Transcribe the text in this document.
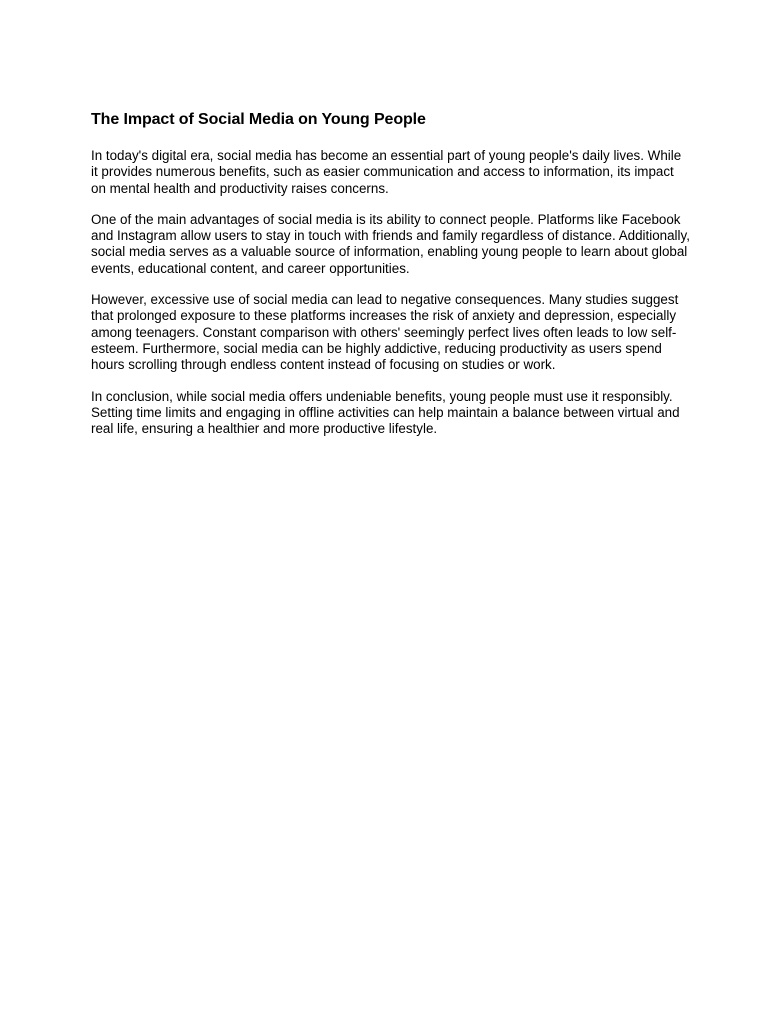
The Impact of Social Media on Young People

In today's digital era, social media has become an essential part of young people's daily lives. While it provides numerous benefits, such as easier communication and access to information, its impact on mental health and productivity raises concerns.

One of the main advantages of social media is its ability to connect people. Platforms like Facebook and Instagram allow users to stay in touch with friends and family regardless of distance. Additionally, social media serves as a valuable source of information, enabling young people to learn about global events, educational content, and career opportunities.

However, excessive use of social media can lead to negative consequences. Many studies suggest that prolonged exposure to these platforms increases the risk of anxiety and depression, especially among teenagers. Constant comparison with others' seemingly perfect lives often leads to low self-esteem. Furthermore, social media can be highly addictive, reducing productivity as users spend hours scrolling through endless content instead of focusing on studies or work.

In conclusion, while social media offers undeniable benefits, young people must use it responsibly. Setting time limits and engaging in offline activities can help maintain a balance between virtual and real life, ensuring a healthier and more productive lifestyle.
